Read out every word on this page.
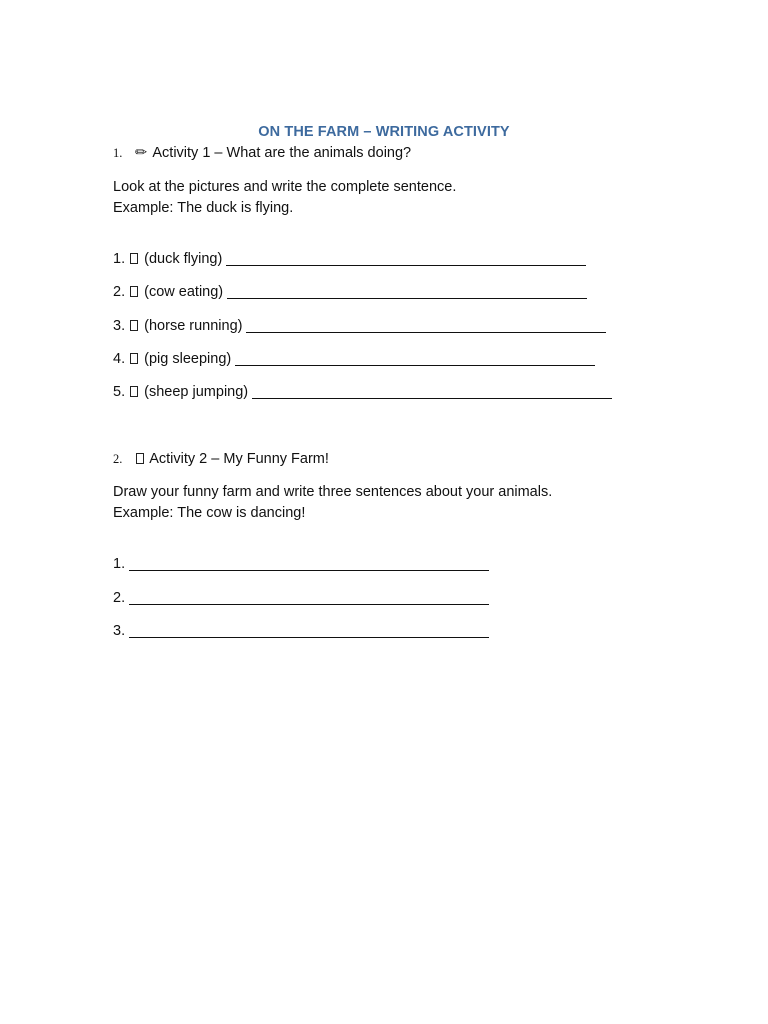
ON THE FARM – WRITING ACTIVITY
1. ✏ Activity 1 – What are the animals doing?
Look at the pictures and write the complete sentence.
Example: The duck is flying.
1. (duck flying)
2. (cow eating)
3. (horse running)
4. (pig sleeping)
5. (sheep jumping)
2. Activity 2 – My Funny Farm!
Draw your funny farm and write three sentences about your animals.
Example: The cow is dancing!
1.
2.
3.
